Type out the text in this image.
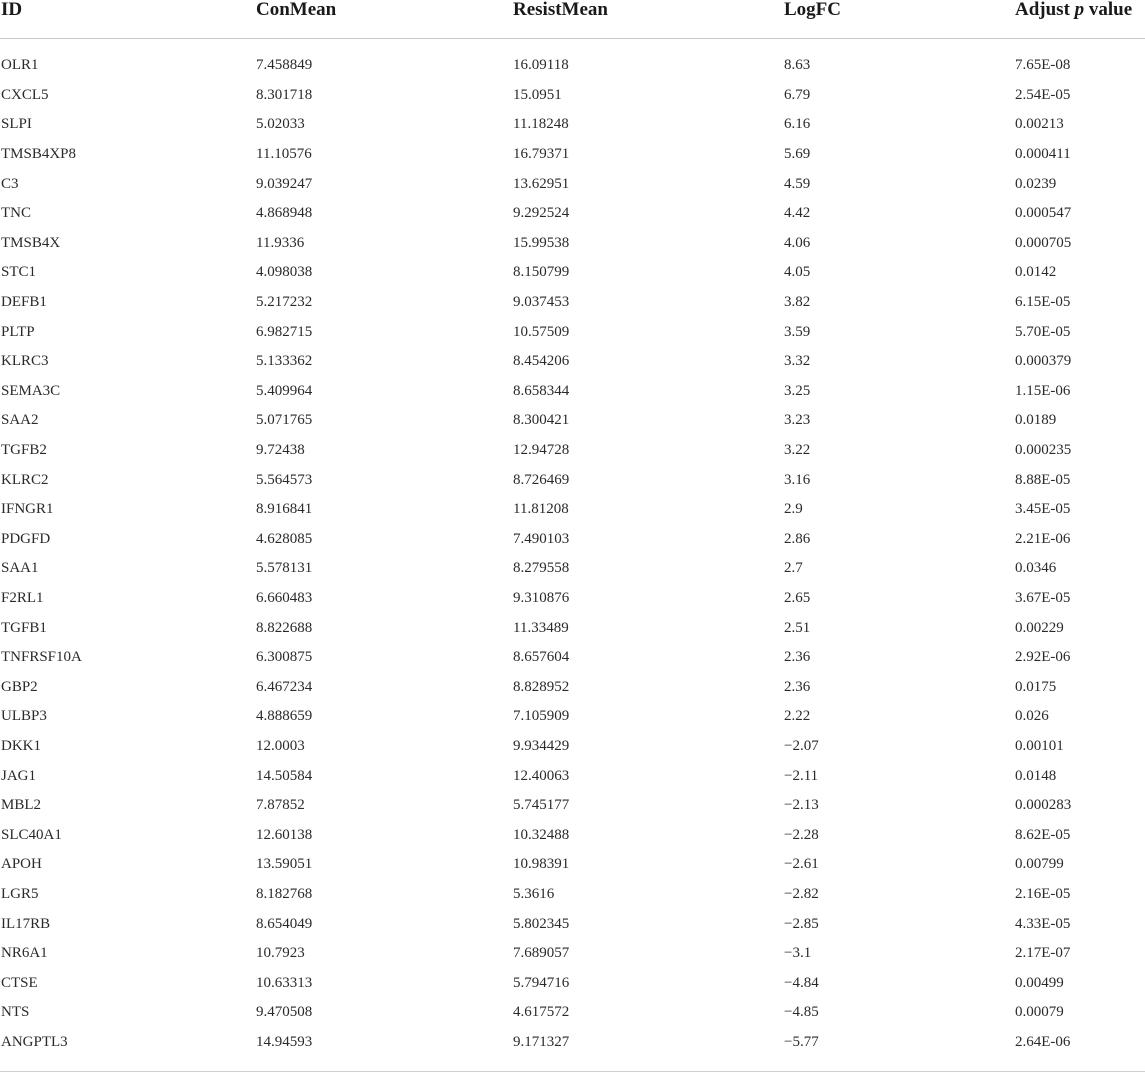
ID	ConMean	ResistMean	LogFC	Adjust p value

OLR1	7.458849	16.09118	8.63	7.65E-08
CXCL5	8.301718	15.0951	6.79	2.54E-05
SLPI	5.02033	11.18248	6.16	0.00213
TMSB4XP8	11.10576	16.79371	5.69	0.000411
C3	9.039247	13.62951	4.59	0.0239
TNC	4.868948	9.292524	4.42	0.000547
TMSB4X	11.9336	15.99538	4.06	0.000705
STC1	4.098038	8.150799	4.05	0.0142
DEFB1	5.217232	9.037453	3.82	6.15E-05
PLTP	6.982715	10.57509	3.59	5.70E-05
KLRC3	5.133362	8.454206	3.32	0.000379
SEMA3C	5.409964	8.658344	3.25	1.15E-06
SAA2	5.071765	8.300421	3.23	0.0189
TGFB2	9.72438	12.94728	3.22	0.000235
KLRC2	5.564573	8.726469	3.16	8.88E-05
IFNGR1	8.916841	11.81208	2.9	3.45E-05
PDGFD	4.628085	7.490103	2.86	2.21E-06
SAA1	5.578131	8.279558	2.7	0.0346
F2RL1	6.660483	9.310876	2.65	3.67E-05
TGFB1	8.822688	11.33489	2.51	0.00229
TNFRSF10A	6.300875	8.657604	2.36	2.92E-06
GBP2	6.467234	8.828952	2.36	0.0175
ULBP3	4.888659	7.105909	2.22	0.026
DKK1	12.0003	9.934429	−2.07	0.00101
JAG1	14.50584	12.40063	−2.11	0.0148
MBL2	7.87852	5.745177	−2.13	0.000283
SLC40A1	12.60138	10.32488	−2.28	8.62E-05
APOH	13.59051	10.98391	−2.61	0.00799
LGR5	8.182768	5.3616	−2.82	2.16E-05
IL17RB	8.654049	5.802345	−2.85	4.33E-05
NR6A1	10.7923	7.689057	−3.1	2.17E-07
CTSE	10.63313	5.794716	−4.84	0.00499
NTS	9.470508	4.617572	−4.85	0.00079
ANGPTL3	14.94593	9.171327	−5.77	2.64E-06
